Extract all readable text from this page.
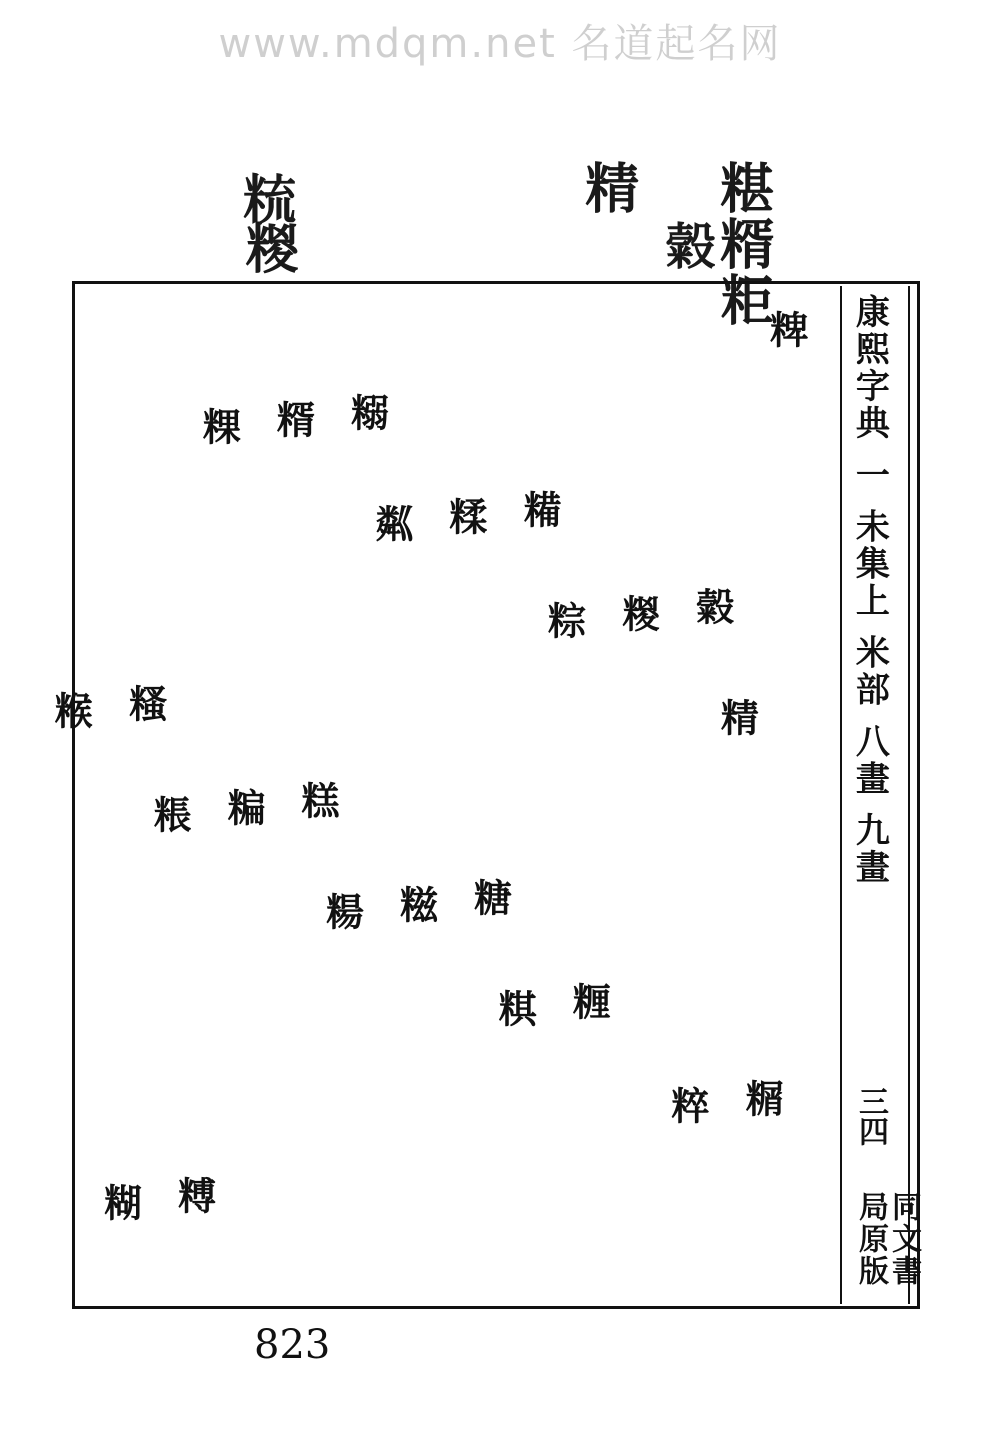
www.mdqm.net 名道起名网
糂糈粔
糓
精
𥹷
糉
康熙字典 一 未集上 米部 八畫 九畫
三四
同文書局原版
粺
粿
粼
粽
精
粻
糃
粸
粹
糊
糈
糅
糉
糇
糄
糍
糎
糏
糐
糑
糒
糓
糔
糕
糖
823
